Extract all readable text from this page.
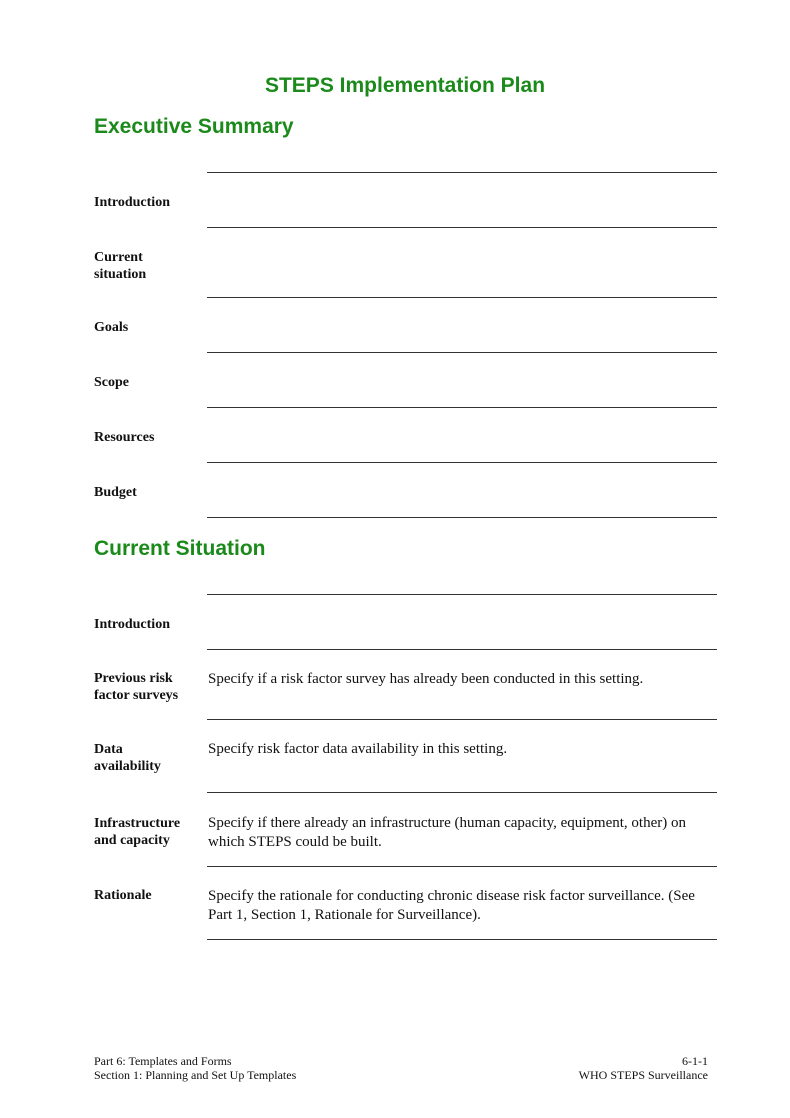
STEPS Implementation Plan
Executive Summary
Introduction
Current situation
Goals
Scope
Resources
Budget
Current Situation
Introduction
Previous risk factor surveys
Specify if a risk factor survey has already been conducted in this setting.
Data availability
Specify risk factor data availability in this setting.
Infrastructure and capacity
Specify if there already an infrastructure (human capacity, equipment, other) on which STEPS could be built.
Rationale	Specify the rationale for conducting chronic disease risk factor surveillance. (See Part 1, Section 1, Rationale for Surveillance).
Part 6: Templates and Forms
Section 1: Planning and Set Up Templates
6-1-1
WHO STEPS Surveillance
